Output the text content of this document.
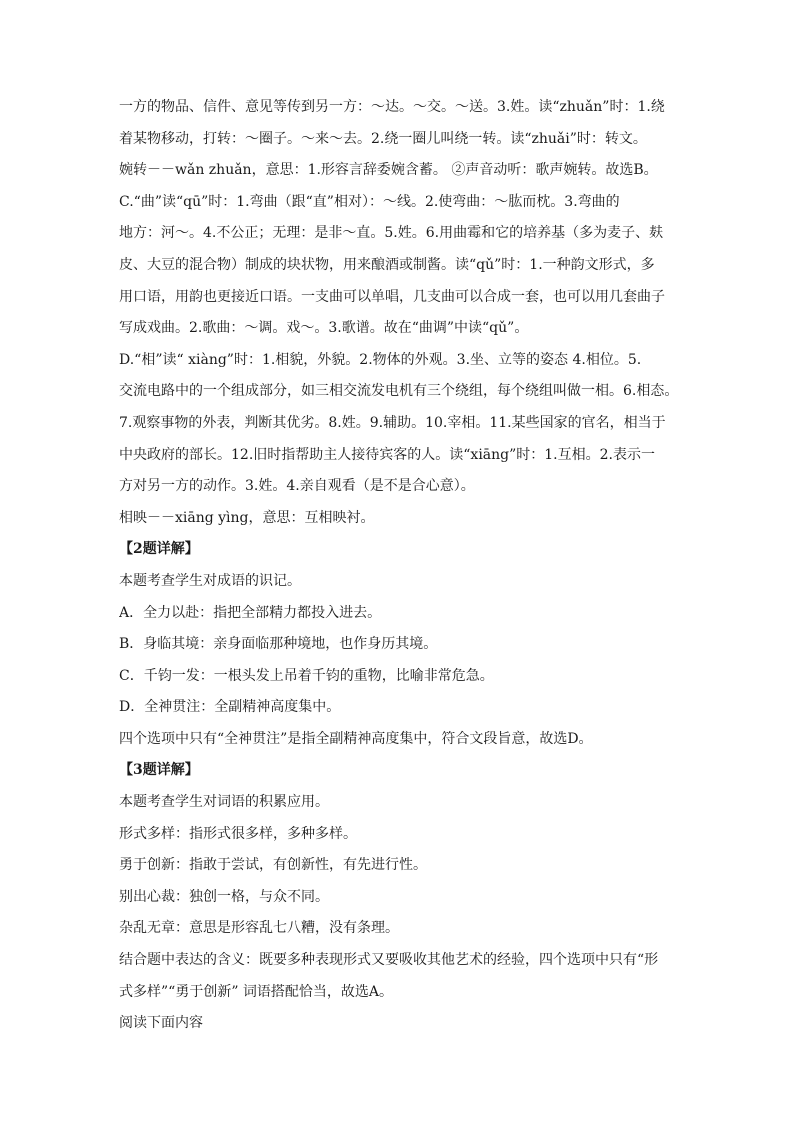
一方的物品、信件、意见等传到另一方：～达。～交。～送。3.姓。读“zhuǎn”时：1.绕
着某物移动，打转：～圈子。～来～去。2.绕一圈儿叫绕一转。读“zhuǎi”时：转文。
婉转－－wǎn zhuǎn，意思：1.形容言辞委婉含蓄。 ②声音动听：歌声婉转。故选B。
C.“曲”读“qū”时：1.弯曲（跟“直”相对）：～线。2.使弯曲：～肱而枕。3.弯曲的
地方：河～。4.不公正；无理：是非～直。5.姓。6.用曲霉和它的培养基（多为麦子、麸
皮、大豆的混合物）制成的块状物，用来酿酒或制酱。读“qǔ”时：1.一种韵文形式，多
用口语，用韵也更接近口语。一支曲可以单唱，几支曲可以合成一套，也可以用几套曲子
写成戏曲。2.歌曲：～调。戏～。3.歌谱。故在“曲调”中读“qǔ”。
D.“相”读“ xiàng”时：1.相貌，外貌。2.物体的外观。3.坐、立等的姿态 4.相位。5.
交流电路中的一个组成部分，如三相交流发电机有三个绕组，每个绕组叫做一相。6.相态。
7.观察事物的外表，判断其优劣。8.姓。9.辅助。10.宰相。11.某些国家的官名，相当于
中央政府的部长。12.旧时指帮助主人接待宾客的人。读“xiāng”时：1.互相。2.表示一
方对另一方的动作。3.姓。4.亲自观看（是不是合心意）。
相映－－xiāng yìng，意思：互相映衬。
【2题详解】
本题考查学生对成语的识记。
A．全力以赴：指把全部精力都投入进去。
B．身临其境：亲身面临那种境地，也作身历其境。
C．千钧一发：一根头发上吊着千钧的重物，比喻非常危急。
D．全神贯注：全副精神高度集中。
四个选项中只有“全神贯注”是指全副精神高度集中，符合文段旨意，故选D。
【3题详解】
本题考查学生对词语的积累应用。
形式多样：指形式很多样，多种多样。
勇于创新：指敢于尝试，有创新性，有先进行性。
别出心裁：独创一格，与众不同。
杂乱无章：意思是形容乱七八糟，没有条理。
结合题中表达的含义：既要多种表现形式又要吸收其他艺术的经验，四个选项中只有“形
式多样”“勇于创新” 词语搭配恰当，故选A。
阅读下面内容
